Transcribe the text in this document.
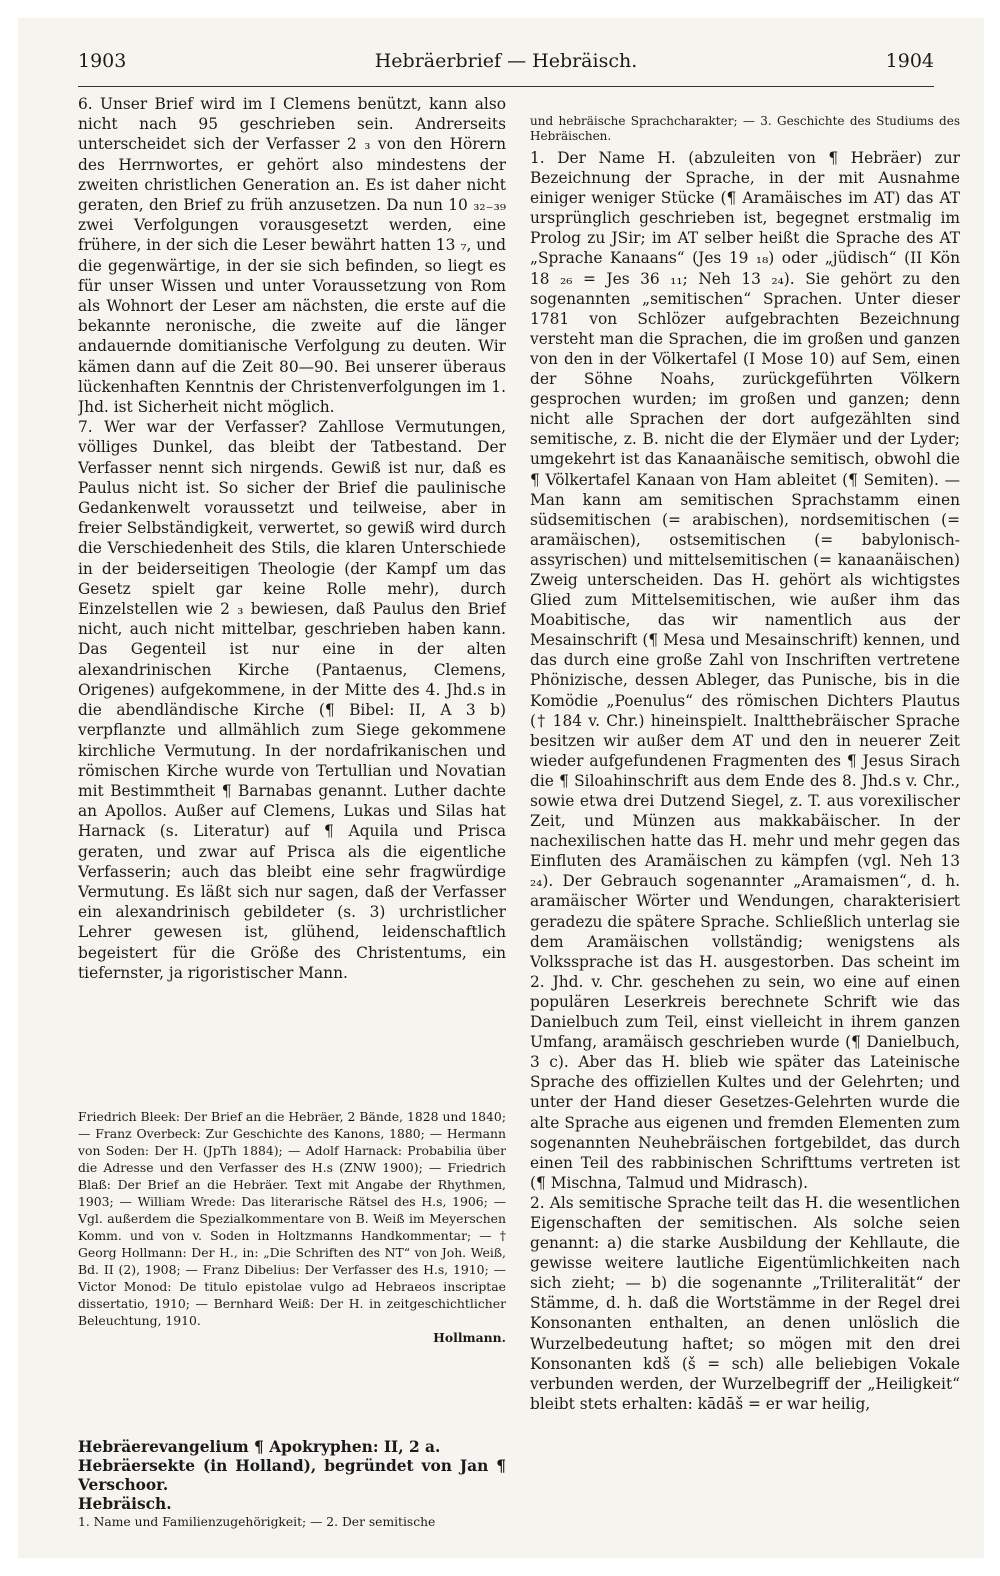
1903	Hebräerbrief — Hebräisch.	1904

6. Unser Brief wird im I Clemens benützt, kann also nicht nach 95 geschrieben sein. Andrerseits unterscheidet sich der Verfasser 2 ₃ von den Hörern des Herrnwortes, er gehört also mindestens der zweiten christlichen Generation an. Es ist daher nicht geraten, den Brief zu früh anzusetzen. Da nun 10 ₃₂₋₃₉ zwei Verfolgungen vorausgesetzt werden, eine frühere, in der sich die Leser bewährt hatten 13 ₇, und die gegenwärtige, in der sie sich befinden, so liegt es für unser Wissen und unter Voraussetzung von Rom als Wohnort der Leser am nächsten, die erste auf die bekannte neronische, die zweite auf die länger andauernde domitianische Verfolgung zu deuten. Wir kämen dann auf die Zeit 80—90. Bei unserer überaus lückenhaften Kenntnis der Christenverfolgungen im 1. Jhd. ist Sicherheit nicht möglich.

7. Wer war der Verfasser? Zahllose Vermutungen, völliges Dunkel, das bleibt der Tatbestand. Der Verfasser nennt sich nirgends. Gewiß ist nur, daß es Paulus nicht ist. So sicher der Brief die paulinische Gedankenwelt voraussetzt und teilweise, aber in freier Selbständigkeit, verwertet, so gewiß wird durch die Verschiedenheit des Stils, die klaren Unterschiede in der beiderseitigen Theologie (der Kampf um das Gesetz spielt gar keine Rolle mehr), durch Einzelstellen wie 2 ₃ bewiesen, daß Paulus den Brief nicht, auch nicht mittelbar, geschrieben haben kann. Das Gegenteil ist nur eine in der alten alexandrinischen Kirche (Pantaenus, Clemens, Origenes) aufgekommene, in der Mitte des 4. Jhd.s in die abendländische Kirche (¶ Bibel: II, A 3 b) verpflanzte und allmählich zum Siege gekommene kirchliche Vermutung. In der nordafrikanischen und römischen Kirche wurde von Tertullian und Novatian mit Bestimmtheit ¶ Barnabas genannt. Luther dachte an Apollos. Außer auf Clemens, Lukas und Silas hat Harnack (s. Literatur) auf ¶ Aquila und Prisca geraten, und zwar auf Prisca als die eigentliche Verfasserin; auch das bleibt eine sehr fragwürdige Vermutung. Es läßt sich nur sagen, daß der Verfasser ein alexandrinisch gebildeter (s. 3) urchristlicher Lehrer gewesen ist, glühend, leidenschaftlich begeistert für die Größe des Christentums, ein tiefernster, ja rigoristischer Mann.

Friedrich Bleek: Der Brief an die Hebräer, 2 Bände, 1828 und 1840; — Franz Overbeck: Zur Geschichte des Kanons, 1880; — Hermann von Soden: Der H. (JpTh 1884); — Adolf Harnack: Probabilia über die Adresse und den Verfasser des H.s (ZNW 1900); — Friedrich Blaß: Der Brief an die Hebräer. Text mit Angabe der Rhythmen, 1903; — William Wrede: Das literarische Rätsel des H.s, 1906; — Vgl. außerdem die Spezialkommentare von B. Weiß im Meyerschen Komm. und von v. Soden in Holtzmanns Handkommentar; — † Georg Hollmann: Der H., in: „Die Schriften des NT“ von Joh. Weiß, Bd. II (2), 1908; — Franz Dibelius: Der Verfasser des H.s, 1910; — Victor Monod: De titulo epistolae vulgo ad Hebraeos inscriptae dissertatio, 1910; — Bernhard Weiß: Der H. in zeitgeschichtlicher Beleuchtung, 1910.

Hollmann.

Hebräerevangelium ¶ Apokryphen: II, 2 a.

Hebräersekte (in Holland), begründet von Jan ¶ Verschoor.

Hebräisch.

1. Name und Familienzugehörigkeit; — 2. Der semitische

und hebräische Sprachcharakter; — 3. Geschichte des Studiums des Hebräischen.

1. Der Name H. (abzuleiten von ¶ Hebräer) zur Bezeichnung der Sprache, in der mit Ausnahme einiger weniger Stücke (¶ Aramäisches im AT) das AT ursprünglich geschrieben ist, begegnet erstmalig im Prolog zu JSir; im AT selber heißt die Sprache des AT „Sprache Kanaans“ (Jes 19 ₁₈) oder „jüdisch“ (II Kön 18 ₂₆ = Jes 36 ₁₁; Neh 13 ₂₄). Sie gehört zu den sogenannten „semitischen“ Sprachen. Unter dieser 1781 von Schlözer aufgebrachten Bezeichnung versteht man die Sprachen, die im großen und ganzen von den in der Völkertafel (I Mose 10) auf Sem, einen der Söhne Noahs, zurückgeführten Völkern gesprochen wurden; im großen und ganzen; denn nicht alle Sprachen der dort aufgezählten sind semitische, z. B. nicht die der Elymäer und der Lyder; umgekehrt ist das Kanaanäische semitisch, obwohl die ¶ Völkertafel Kanaan von Ham ableitet (¶ Semiten). — Man kann am semitischen Sprachstamm einen südsemitischen (= arabischen), nordsemitischen (= aramäischen), ostsemitischen (= babylonisch-assyrischen) und mittelsemitischen (= kanaanäischen) Zweig unterscheiden. Das H. gehört als wichtigstes Glied zum Mittelsemitischen, wie außer ihm das Moabitische, das wir namentlich aus der Mesainschrift (¶ Mesa und Mesainschrift) kennen, und das durch eine große Zahl von Inschriften vertretene Phönizische, dessen Ableger, das Punische, bis in die Komödie „Poenulus“ des römischen Dichters Plautus († 184 v. Chr.) hineinspielt. Inaltthebräischer Sprache besitzen wir außer dem AT und den in neuerer Zeit wieder aufgefundenen Fragmenten des ¶ Jesus Sirach die ¶ Siloahinschrift aus dem Ende des 8. Jhd.s v. Chr., sowie etwa drei Dutzend Siegel, z. T. aus vorexilischer Zeit, und Münzen aus makkabäischer. In der nachexilischen hatte das H. mehr und mehr gegen das Einfluten des Aramäischen zu kämpfen (vgl. Neh 13 ₂₄). Der Gebrauch sogenannter „Aramaismen“, d. h. aramäischer Wörter und Wendungen, charakterisiert geradezu die spätere Sprache. Schließlich unterlag sie dem Aramäischen vollständig; wenigstens als Volkssprache ist das H. ausgestorben. Das scheint im 2. Jhd. v. Chr. geschehen zu sein, wo eine auf einen populären Leserkreis berechnete Schrift wie das Danielbuch zum Teil, einst vielleicht in ihrem ganzen Umfang, aramäisch geschrieben wurde (¶ Danielbuch, 3 c). Aber das H. blieb wie später das Lateinische Sprache des offiziellen Kultes und der Gelehrten; und unter der Hand dieser Gesetzes-Gelehrten wurde die alte Sprache aus eigenen und fremden Elementen zum sogenannten Neuhebräischen fortgebildet, das durch einen Teil des rabbinischen Schrifttums vertreten ist (¶ Mischna, Talmud und Midrasch).

2. Als semitische Sprache teilt das H. die wesentlichen Eigenschaften der semitischen. Als solche seien genannt: a) die starke Ausbildung der Kehllaute, die gewisse weitere lautliche Eigentümlichkeiten nach sich zieht; — b) die sogenannte „Triliteralität“ der Stämme, d. h. daß die Wortstämme in der Regel drei Konsonanten enthalten, an denen unlöslich die Wurzelbedeutung haftet; so mögen mit den drei Konsonanten kdš (š = sch) alle beliebigen Vokale verbunden werden, der Wurzelbegriff der „Heiligkeit“ bleibt stets erhalten: kādāš = er war heilig,
